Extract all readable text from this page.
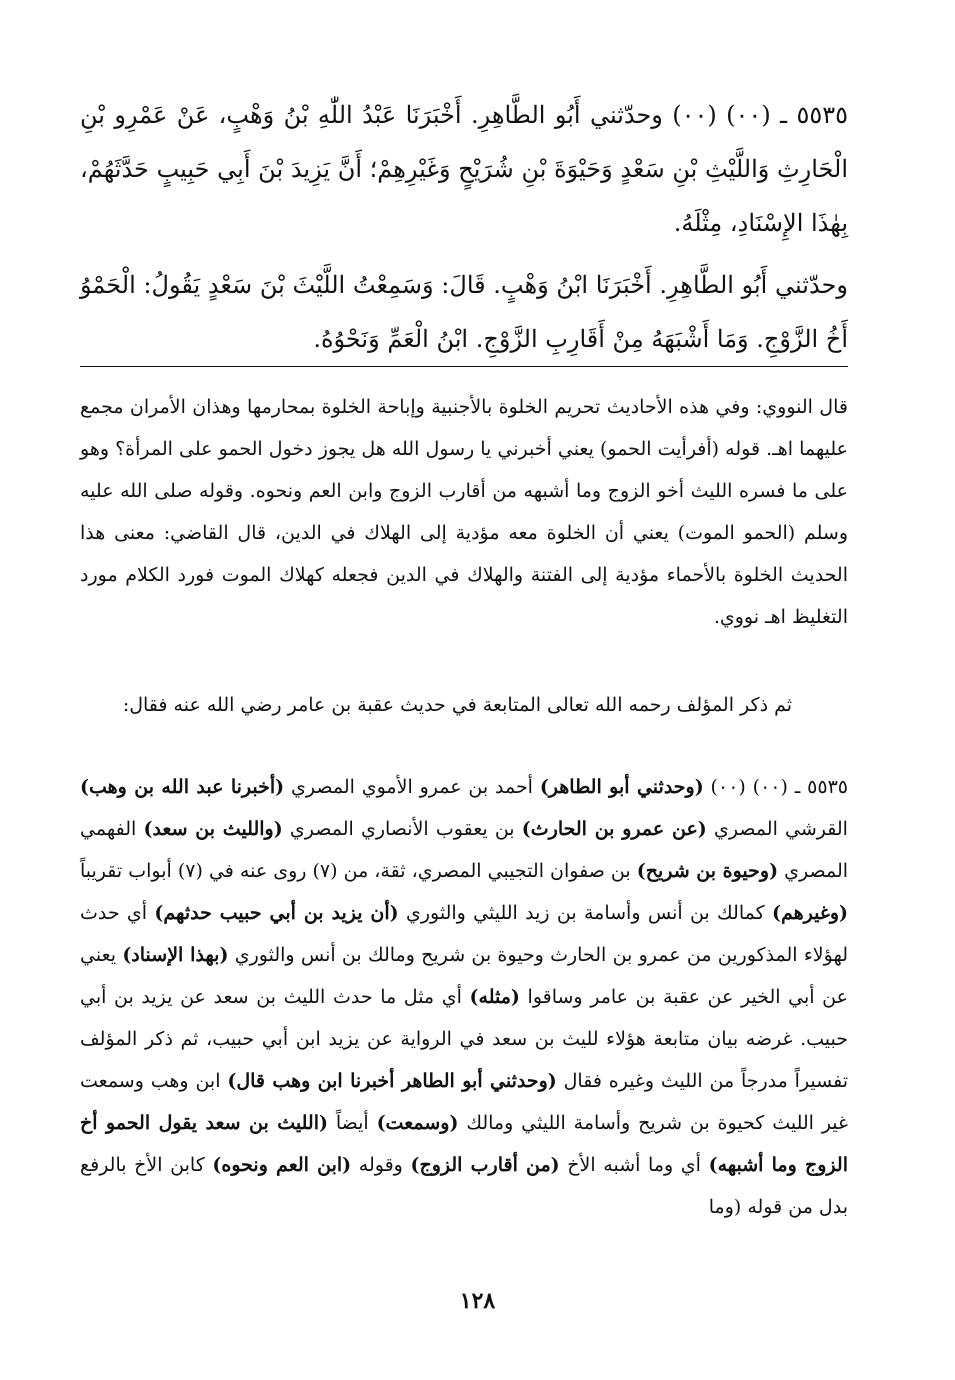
٥٥٣٥ ـ (٠٠) (٠٠) وحدّثني أَبُو الطَّاهِرِ. أَخْبَرَنَا عَبْدُ اللّٰهِ بْنُ وَهْبٍ، عَنْ عَمْرِو بْنِ الْحَارِثِ وَاللَّيْثِ بْنِ سَعْدٍ وَحَيْوَةَ بْنِ شُرَيْحٍ وَغَيْرِهِمْ؛ أَنَّ يَزِيدَ بْنَ أَبِي حَبِيبٍ حَدَّثَهُمْ، بِهٰذَا الإِسْنَادِ، مِثْلَهُ.

وحدّثني أَبُو الطَّاهِرِ. أَخْبَرَنَا ابْنُ وَهْبٍ. قَالَ: وَسَمِعْتُ اللَّيْثَ بْنَ سَعْدٍ يَقُولُ: الْحَمْوُ أَخُ الزَّوْجِ. وَمَا أَشْبَهَهُ مِنْ أَقَارِبِ الزَّوْجِ. ابْنُ الْعَمِّ وَنَحْوُهُ.

قال النووي: وفي هذه الأحاديث تحريم الخلوة بالأجنبية وإباحة الخلوة بمحارمها وهذان الأمران مجمع عليهما اهـ. قوله (أفرأيت الحمو) يعني أخبرني يا رسول الله هل يجوز دخول الحمو على المرأة؟ وهو على ما فسره الليث أخو الزوج وما أشبهه من أقارب الزوج وابن العم ونحوه. وقوله صلى الله عليه وسلم (الحمو الموت) يعني أن الخلوة معه مؤدية إلى الهلاك في الدين، قال القاضي: معنى هذا الحديث الخلوة بالأحماء مؤدية إلى الفتنة والهلاك في الدين فجعله كهلاك الموت فورد الكلام مورد التغليظ اهـ نووي.

ثم ذكر المؤلف رحمه الله تعالى المتابعة في حديث عقبة بن عامر رضي الله عنه فقال:

٥٥٣٥ ـ (٠٠) (٠٠) (وحدثني أبو الطاهر) أحمد بن عمرو الأموي المصري (أخبرنا عبد الله بن وهب) القرشي المصري (عن عمرو بن الحارث) بن يعقوب الأنصاري المصري (والليث بن سعد) الفهمي المصري (وحيوة بن شريح) بن صفوان التجيبي المصري، ثقة، من (٧) روى عنه في (٧) أبواب تقريباً (وغيرهم) كمالك بن أنس وأسامة بن زيد الليثي والثوري (أن يزيد بن أبي حبيب حدثهم) أي حدث لهؤلاء المذكورين من عمرو بن الحارث وحيوة بن شريح ومالك بن أنس والثوري (بهذا الإسناد) يعني عن أبي الخير عن عقبة بن عامر وساقوا (مثله) أي مثل ما حدث الليث بن سعد عن يزيد بن أبي حبيب. غرضه بيان متابعة هؤلاء لليث بن سعد في الرواية عن يزيد ابن أبي حبيب، ثم ذكر المؤلف تفسيراً مدرجاً من الليث وغيره فقال (وحدثني أبو الطاهر أخبرنا ابن وهب قال) ابن وهب وسمعت غير الليث كحيوة بن شريح وأسامة الليثي ومالك (وسمعت) أيضاً (الليث بن سعد يقول الحمو أخ الزوج وما أشبهه) أي وما أشبه الأخ (من أقارب الزوج) وقوله (ابن العم ونحوه) كابن الأخ بالرفع بدل من قوله (وما

١٢٨
